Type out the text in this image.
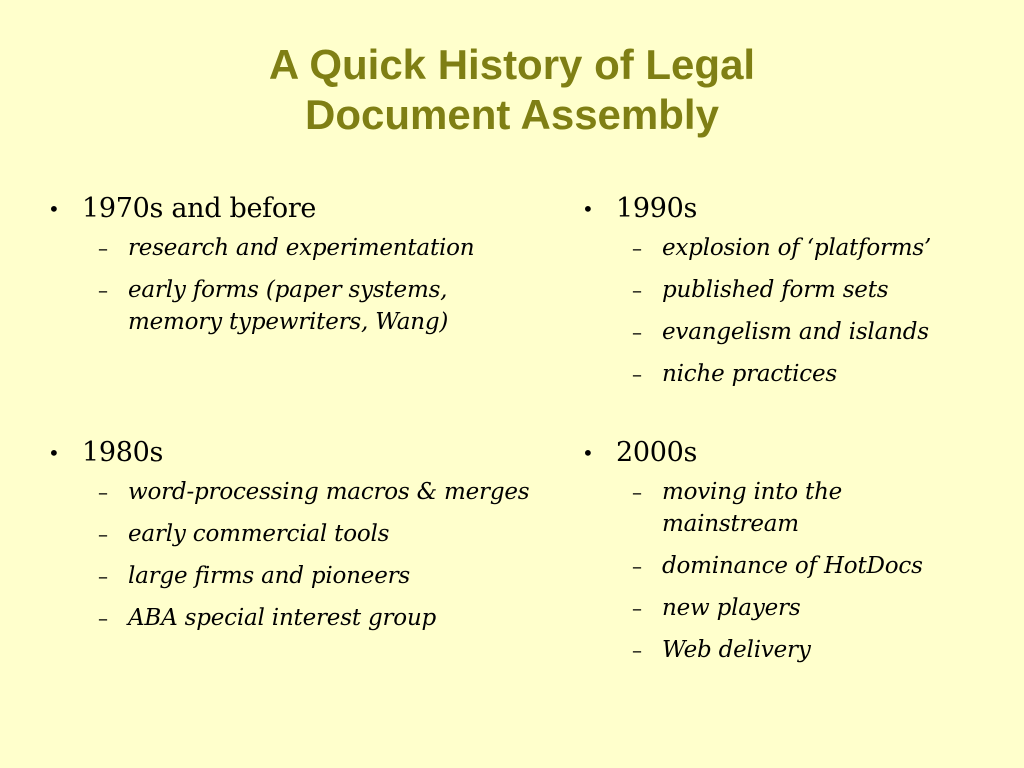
A Quick History of Legal
Document Assembly
• 1970s and before
– research and experimentation
– early forms (paper systems, memory typewriters, Wang)
• 1980s
– word-processing macros & merges
– early commercial tools
– large firms and pioneers
– ABA special interest group
• 1990s
– explosion of ‘platforms’
– published form sets
– evangelism and islands
– niche practices
• 2000s
– moving into the mainstream
– dominance of HotDocs
– new players
– Web delivery
